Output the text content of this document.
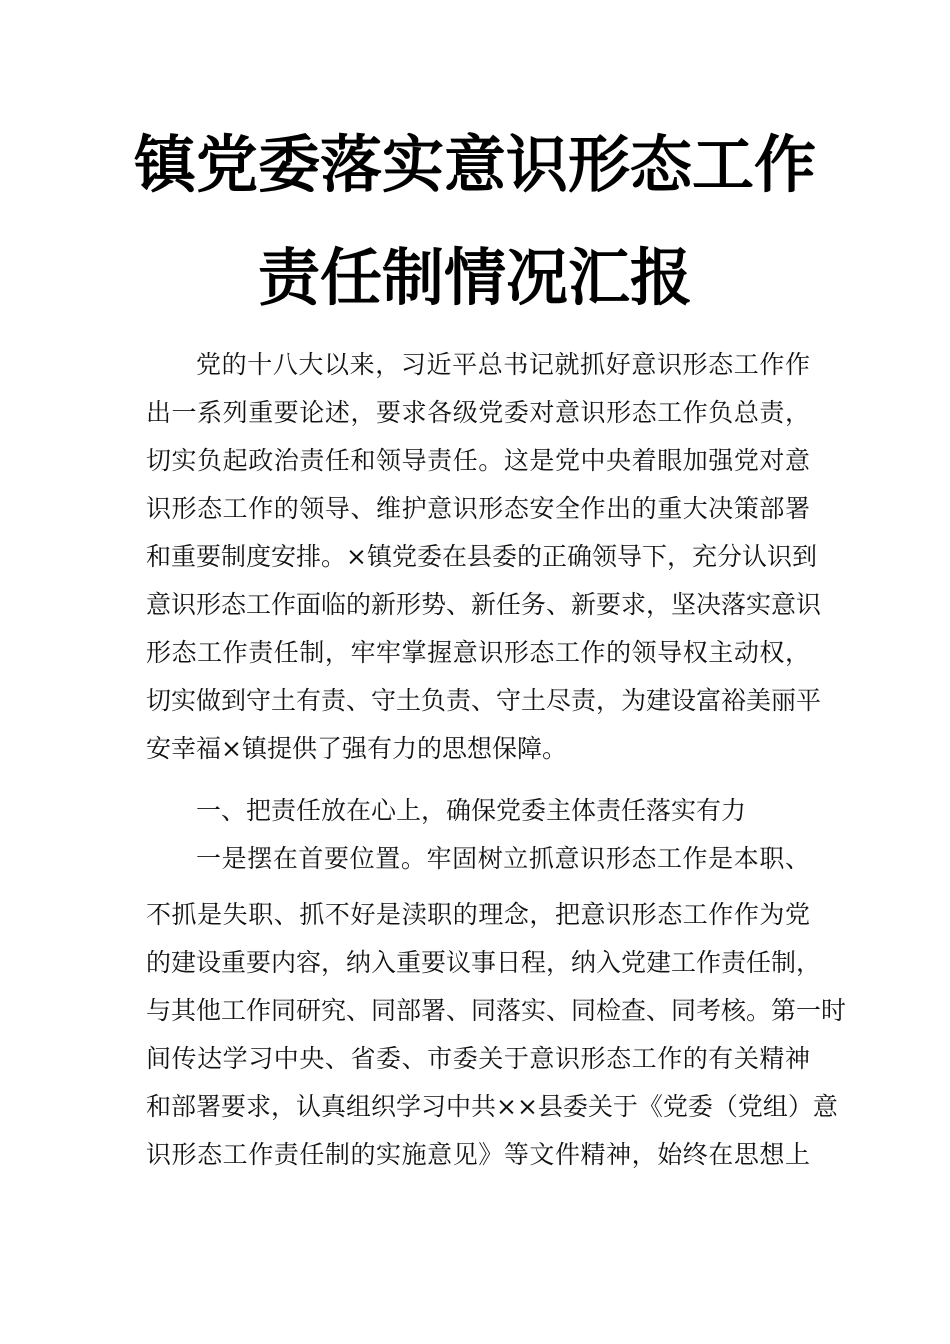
镇党委落实意识形态工作
责任制情况汇报
党的十八大以来，习近平总书记就抓好意识形态工作作
出一系列重要论述，要求各级党委对意识形态工作负总责，
切实负起政治责任和领导责任。这是党中央着眼加强党对意
识形态工作的领导、维护意识形态安全作出的重大决策部署
和重要制度安排。×镇党委在县委的正确领导下，充分认识到
意识形态工作面临的新形势、新任务、新要求，坚决落实意识
形态工作责任制，牢牢掌握意识形态工作的领导权主动权，
切实做到守土有责、守土负责、守土尽责，为建设富裕美丽平
安幸福×镇提供了强有力的思想保障。
一、把责任放在心上，确保党委主体责任落实有力
一是摆在首要位置。牢固树立抓意识形态工作是本职、
不抓是失职、抓不好是渎职的理念，把意识形态工作作为党
的建设重要内容，纳入重要议事日程，纳入党建工作责任制，
与其他工作同研究、同部署、同落实、同检查、同考核。第一时
间传达学习中央、省委、市委关于意识形态工作的有关精神
和部署要求，认真组织学习中共××县委关于《党委（党组）意
识形态工作责任制的实施意见》等文件精神，始终在思想上
